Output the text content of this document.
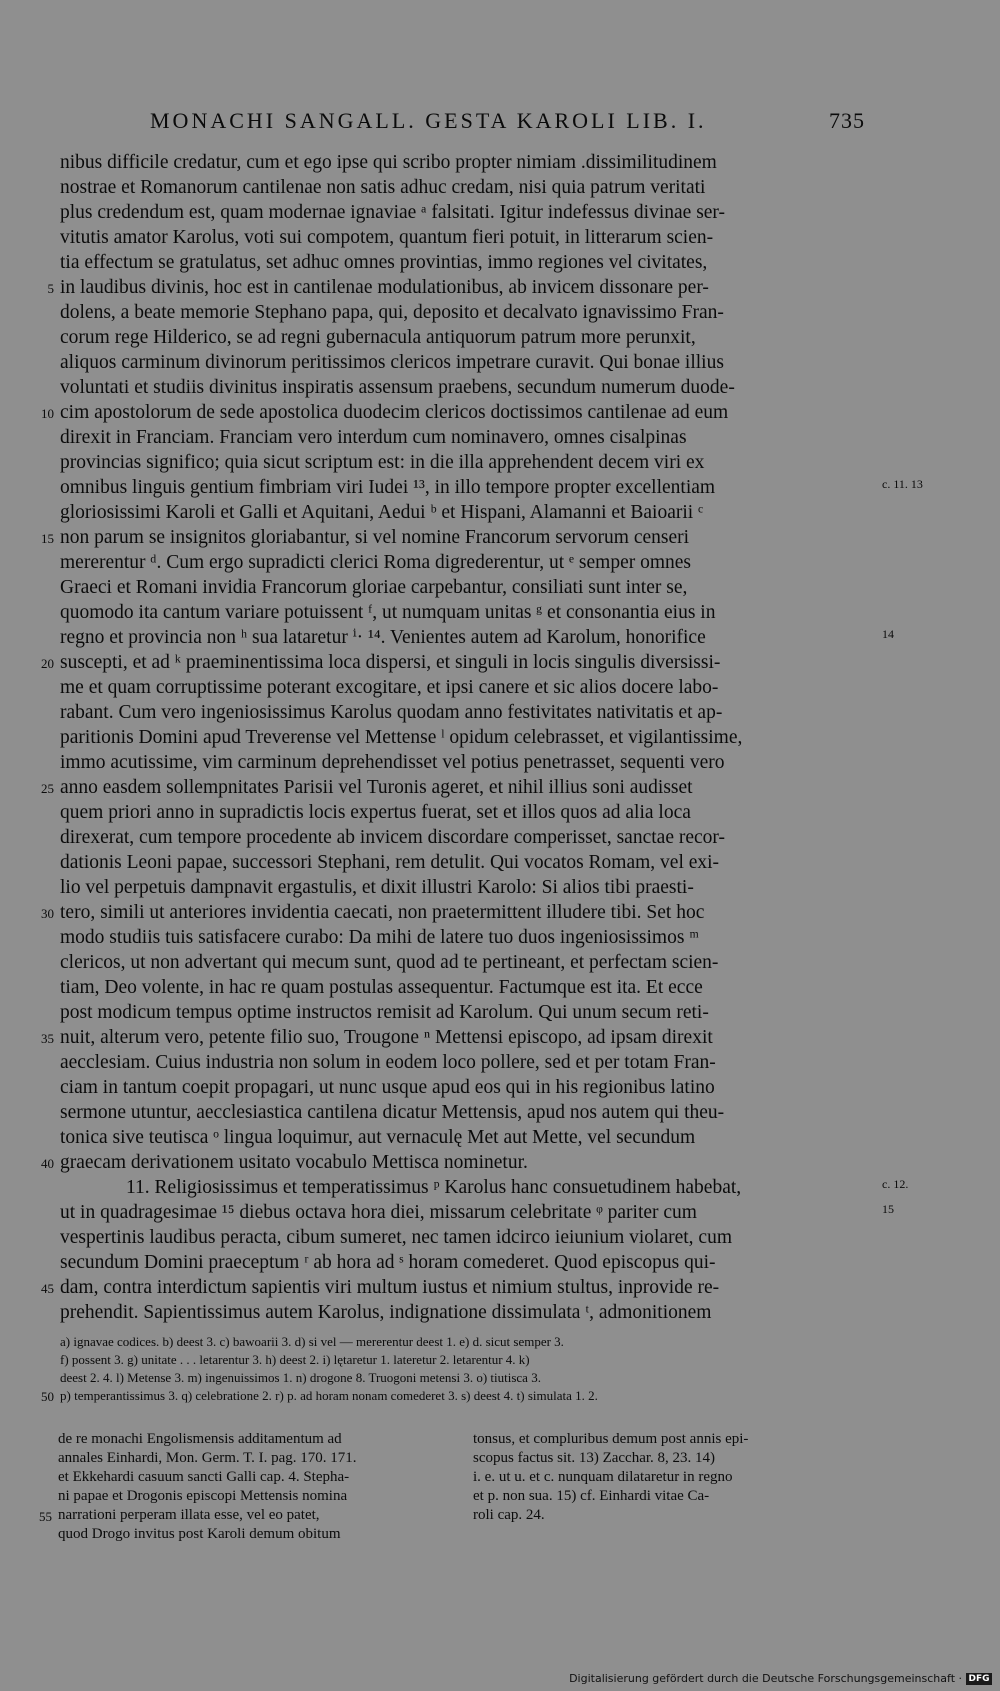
MONACHI SANGALL. GESTA KAROLI LIB. I.	735
nibus difficile credatur, cum et ego ipse qui scribo propter nimiam .dissimilitudinem
nostrae et Romanorum cantilenae non satis adhuc credam, nisi quia patrum veritati
plus credendum est, quam modernae ignaviae ᵃ falsitati. Igitur indefessus divinae ser-
vitutis amator Karolus, voti sui compotem, quantum fieri potuit, in litterarum scien-
tia effectum se gratulatus, set adhuc omnes provintias, immo regiones vel civitates,
in laudibus divinis, hoc est in cantilenae modulationibus, ab invicem dissonare per-
5
dolens, a beate memorie Stephano papa, qui, deposito et decalvato ignavissimo Fran-
corum rege Hilderico, se ad regni gubernacula antiquorum patrum more perunxit,
aliquos carminum divinorum peritissimos clericos impetrare curavit. Qui bonae illius
voluntati et studiis divinitus inspiratis assensum praebens, secundum numerum duode-
cim apostolorum de sede apostolica duodecim clericos doctissimos cantilenae ad eum
10
direxit in Franciam. Franciam vero interdum cum nominavero, omnes cisalpinas
provincias significo; quia sicut scriptum est: in die illa apprehendent decem viri ex
omnibus linguis gentium fimbriam viri Iudei ¹³, in illo tempore propter excellentiam	c. 11. 13
gloriosissimi Karoli et Galli et Aquitani, Aedui ᵇ et Hispani, Alamanni et Baioarii ᶜ
non parum se insignitos gloriabantur, si vel nomine Francorum servorum censeri
15
mererentur ᵈ. Cum ergo supradicti clerici Roma digrederentur, ut ᵉ semper omnes
Graeci et Romani invidia Francorum gloriae carpebantur, consiliati sunt inter se,
quomodo ita cantum variare potuissent ᶠ, ut numquam unitas ᵍ et consonantia eius in
regno et provincia non ʰ sua lataretur ⁱ· ¹⁴. Venientes autem ad Karolum, honorifice	14
suscepti, et ad ᵏ praeminentissima loca dispersi, et singuli in locis singulis diversissi-
20
me et quam corruptissime poterant excogitare, et ipsi canere et sic alios docere labo-
rabant. Cum vero ingeniosissimus Karolus quodam anno festivitates nativitatis et ap-
paritionis Domini apud Treverense vel Mettense ˡ opidum celebrasset, et vigilantissime,
immo acutissime, vim carminum deprehendisset vel potius penetrasset, sequenti vero
anno easdem sollempnitates Parisii vel Turonis ageret, et nihil illius soni audisset
25
quem priori anno in supradictis locis expertus fuerat, set et illos quos ad alia loca
direxerat, cum tempore procedente ab invicem discordare comperisset, sanctae recor-
dationis Leoni papae, successori Stephani, rem detulit. Qui vocatos Romam, vel exi-
lio vel perpetuis dampnavit ergastulis, et dixit illustri Karolo: Si alios tibi praesti-
tero, simili ut anteriores invidentia caecati, non praetermittent illudere tibi. Set hoc
30
modo studiis tuis satisfacere curabo: Da mihi de latere tuo duos ingeniosissimos ᵐ
clericos, ut non advertant qui mecum sunt, quod ad te pertineant, et perfectam scien-
tiam, Deo volente, in hac re quam postulas assequentur. Factumque est ita. Et ecce
post modicum tempus optime instructos remisit ad Karolum. Qui unum secum reti-
nuit, alterum vero, petente filio suo, Trougone ⁿ Mettensi episcopo, ad ipsam direxit
35
aecclesiam. Cuius industria non solum in eodem loco pollere, sed et per totam Fran-
ciam in tantum coepit propagari, ut nunc usque apud eos qui in his regionibus latino
sermone utuntur, aecclesiastica cantilena dicatur Mettensis, apud nos autem qui theu-
tonica sive teutisca ᵒ lingua loquimur, aut vernaculę Met aut Mette, vel secundum
graecam derivationem usitato vocabulo Mettisca nominetur.
40
11. Religiosissimus et temperatissimus ᵖ Karolus hanc consuetudinem habebat,	c. 12.
ut in quadragesimae ¹⁵ diebus octava hora diei, missarum celebritate ᵠ pariter cum	15
vespertinis laudibus peracta, cibum sumeret, nec tamen idcirco ieiunium violaret, cum
secundum Domini praeceptum ʳ ab hora ad ˢ horam comederet. Quod episcopus qui-
dam, contra interdictum sapientis viri multum iustus et nimium stultus, inprovide re-
45
prehendit. Sapientissimus autem Karolus, indignatione dissimulata ᵗ, admonitionem
a) ignavae codices. b) deest 3. c) bawoarii 3. d) si vel — mererentur deest 1. e) d. sicut semper 3.
f) possent 3. g) unitate . . . letarentur 3. h) deest 2. i) lętaretur 1. lateretur 2. letarentur 4. k)
deest 2. 4. l) Metense 3. m) ingenuissimos 1. n) drogone 8. Truogoni metensi 3. o) tiutisca 3.
p) temperantissimus 3. q) celebratione 2. r) p. ad horam nonam comederet 3. s) deest 4. t) simulata 1. 2.
50
de re monachi Engolismensis additamentum ad
annales Einhardi, Mon. Germ. T. I. pag. 170. 171.
et Ekkehardi casuum sancti Galli cap. 4. Stepha-
ni papae et Drogonis episcopi Mettensis nomina
narrationi perperam illata esse, vel eo patet,
55
quod Drogo invitus post Karoli demum obitum
tonsus, et compluribus demum post annis epi-
scopus factus sit. 13) Zacchar. 8, 23. 14)
i. e. ut u. et c. nunquam dilataretur in regno
et p. non sua. 15) cf. Einhardi vitae Ca-
roli cap. 24.
Digitalisierung gefördert durch die Deutsche Forschungsgemeinschaft · DFG
